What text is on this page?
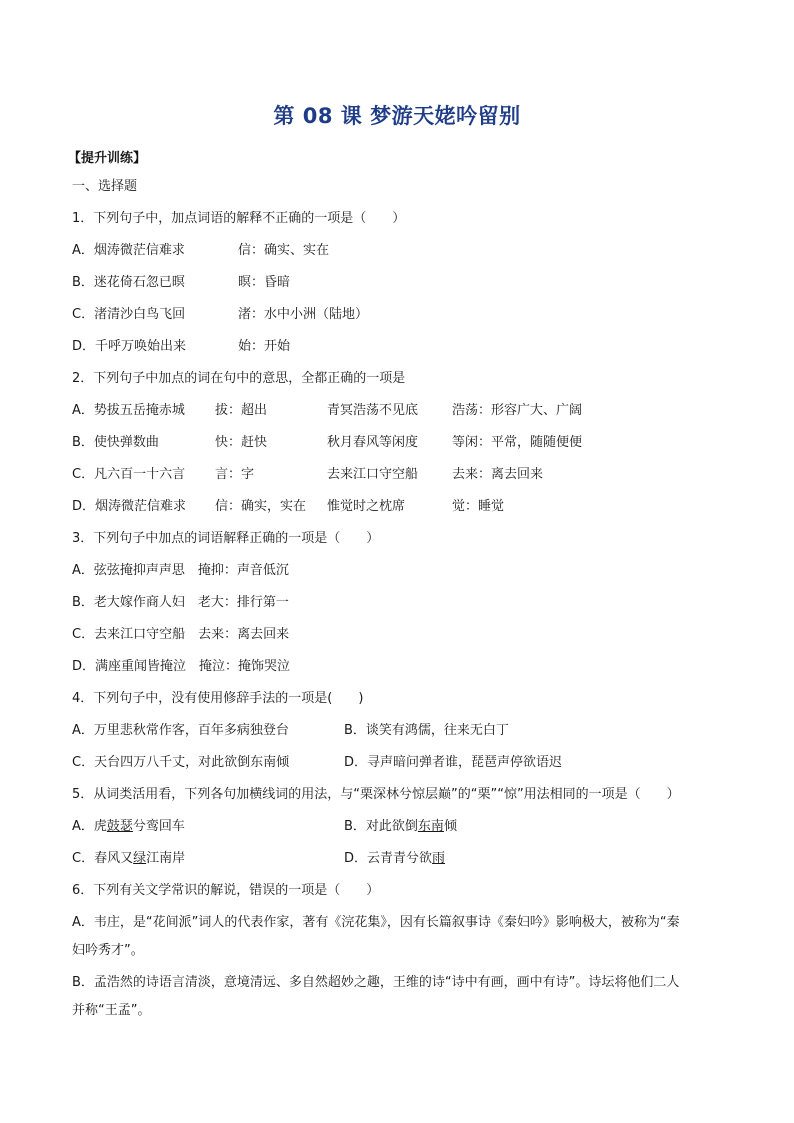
第 08 课 梦游天姥吟留别
【提升训练】
一、选择题
1．下列句子中，加点词语的解释不正确的一项是（　　）
A．烟涛微茫信难求	信：确实、实在
B．迷花倚石忽已暝	暝：昏暗
C．渚清沙白鸟飞回	渚：水中小洲（陆地）
D．千呼万唤始出来	始：开始
2．下列句子中加点的词在句中的意思，全都正确的一项是
A．势拔五岳掩赤城 拔：超出	青冥浩荡不见底	浩荡：形容广大、广阔
B．使快弹数曲	快：赶快	秋月春风等闲度	等闲：平常，随随便便
C．凡六百一十六言 言：字	去来江口守空船	去来：离去回来
D．烟涛微茫信难求 信：确实，实在 惟觉时之枕席	觉：睡觉
3．下列句子中加点的词语解释正确的一项是（　　）
A．弦弦掩抑声声思　掩抑：声音低沉
B．老大嫁作商人妇　老大：排行第一
C．去来江口守空船　去来：离去回来
D．满座重闻皆掩泣　掩泣：掩饰哭泣
4．下列句子中，没有使用修辞手法的一项是(　　)
A．万里悲秋常作客，百年多病独登台	B．谈笑有鸿儒，往来无白丁
C．天台四万八千丈，对此欲倒东南倾	D．寻声暗问弹者谁，琵琶声停欲语迟
5．从词类活用看，下列各句加横线词的用法，与“栗深林兮惊层巅”的“栗”“惊”用法相同的一项是（　　）
A．虎鼓瑟兮鸾回车	B．对此欲倒东南倾
C．春风又绿江南岸	D．云青青兮欲雨
6．下列有关文学常识的解说，错误的一项是（　　）
A．韦庄，是“花间派”词人的代表作家，著有《浣花集》，因有长篇叙事诗《秦妇吟》影响极大，被称为“秦
妇吟秀才”。
B．孟浩然的诗语言清淡，意境清远、多自然超妙之趣，王维的诗“诗中有画，画中有诗”。诗坛将他们二人
并称“王孟”。
